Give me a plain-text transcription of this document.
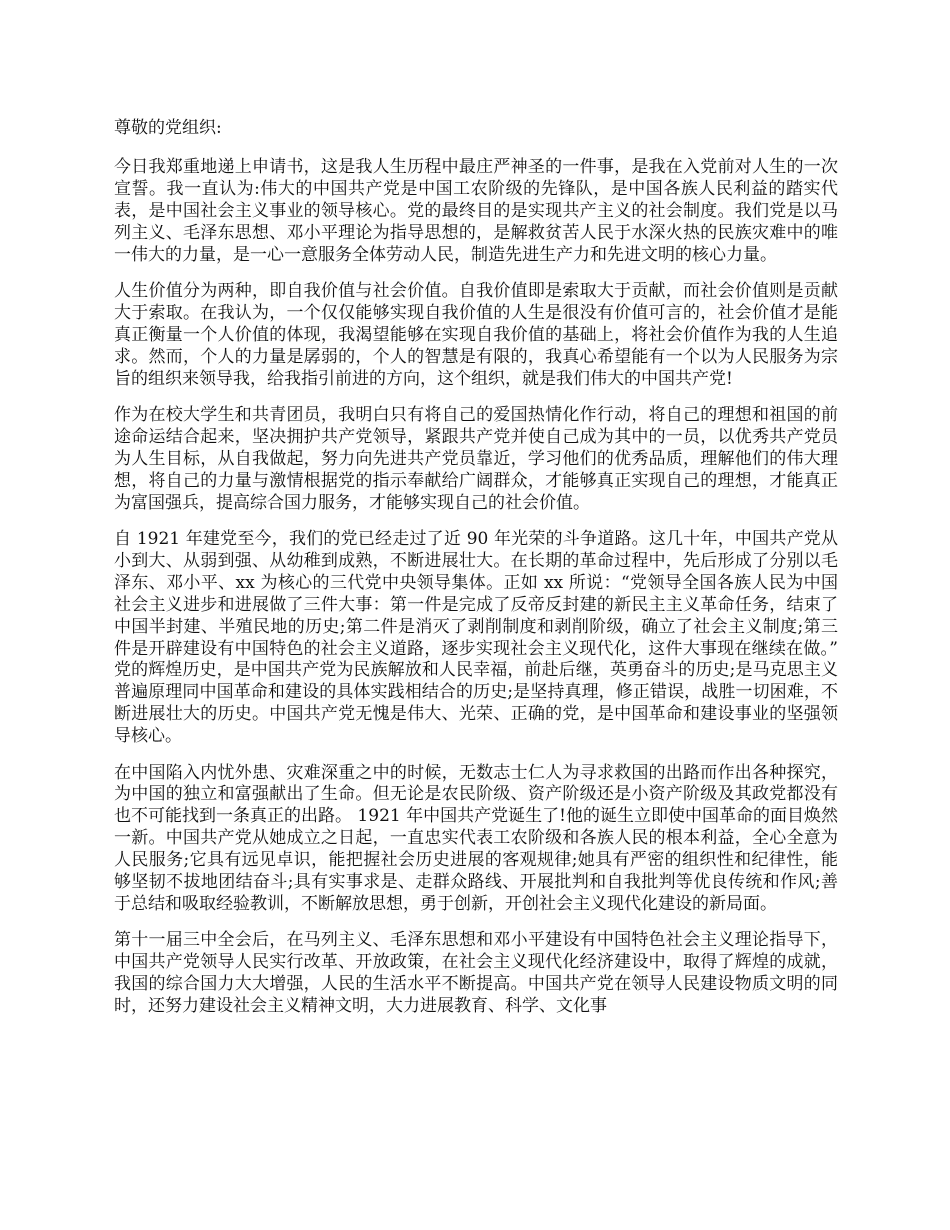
尊敬的党组织:

今日我郑重地递上申请书，这是我人生历程中最庄严神圣的一件事，是我在入党前对人生的一次宣誓。我一直认为:伟大的中国共产党是中国工农阶级的先锋队，是中国各族人民利益的踏实代表，是中国社会主义事业的领导核心。党的最终目的是实现共产主义的社会制度。我们党是以马列主义、毛泽东思想、邓小平理论为指导思想的，是解救贫苦人民于水深火热的民族灾难中的唯一伟大的力量，是一心一意服务全体劳动人民，制造先进生产力和先进文明的核心力量。

人生价值分为两种，即自我价值与社会价值。自我价值即是索取大于贡献，而社会价值则是贡献大于索取。在我认为，一个仅仅能够实现自我价值的人生是很没有价值可言的，社会价值才是能真正衡量一个人价值的体现，我渴望能够在实现自我价值的基础上，将社会价值作为我的人生追求。然而，个人的力量是孱弱的，个人的智慧是有限的，我真心希望能有一个以为人民服务为宗旨的组织来领导我，给我指引前进的方向，这个组织，就是我们伟大的中国共产党!

作为在校大学生和共青团员，我明白只有将自己的爱国热情化作行动，将自己的理想和祖国的前途命运结合起来，坚决拥护共产党领导，紧跟共产党并使自己成为其中的一员，以优秀共产党员为人生目标，从自我做起，努力向先进共产党员靠近，学习他们的优秀品质，理解他们的伟大理想，将自己的力量与激情根据党的指示奉献给广阔群众，才能够真正实现自己的理想，才能真正为富国强兵，提高综合国力服务，才能够实现自己的社会价值。

自 1921 年建党至今，我们的党已经走过了近 90 年光荣的斗争道路。这几十年，中国共产党从小到大、从弱到强、从幼稚到成熟，不断进展壮大。在长期的革命过程中，先后形成了分别以毛泽东、邓小平、xx 为核心的三代党中央领导集体。正如 xx 所说：“党领导全国各族人民为中国社会主义进步和进展做了三件大事：第一件是完成了反帝反封建的新民主主义革命任务，结束了中国半封建、半殖民地的历史;第二件是消灭了剥削制度和剥削阶级，确立了社会主义制度;第三件是开辟建设有中国特色的社会主义道路，逐步实现社会主义现代化，这件大事现在继续在做。” 党的辉煌历史，是中国共产党为民族解放和人民幸福，前赴后继，英勇奋斗的历史;是马克思主义普遍原理同中国革命和建设的具体实践相结合的历史;是坚持真理，修正错误，战胜一切困难，不断进展壮大的历史。中国共产党无愧是伟大、光荣、正确的党，是中国革命和建设事业的坚强领导核心。

在中国陷入内忧外患、灾难深重之中的时候，无数志士仁人为寻求救国的出路而作出各种探究，为中国的独立和富强献出了生命。但无论是农民阶级、资产阶级还是小资产阶级及其政党都没有也不可能找到一条真正的出路。 1921 年中国共产党诞生了!他的诞生立即使中国革命的面目焕然一新。中国共产党从她成立之日起，一直忠实代表工农阶级和各族人民的根本利益，全心全意为人民服务;它具有远见卓识，能把握社会历史进展的客观规律;她具有严密的组织性和纪律性，能够坚韧不拔地团结奋斗;具有实事求是、走群众路线、开展批判和自我批判等优良传统和作风;善于总结和吸取经验教训，不断解放思想，勇于创新，开创社会主义现代化建设的新局面。

第十一届三中全会后，在马列主义、毛泽东思想和邓小平建设有中国特色社会主义理论指导下，中国共产党领导人民实行改革、开放政策，在社会主义现代化经济建设中，取得了辉煌的成就，我国的综合国力大大增强，人民的生活水平不断提高。中国共产党在领导人民建设物质文明的同时，还努力建设社会主义精神文明，大力进展教育、科学、文化事
